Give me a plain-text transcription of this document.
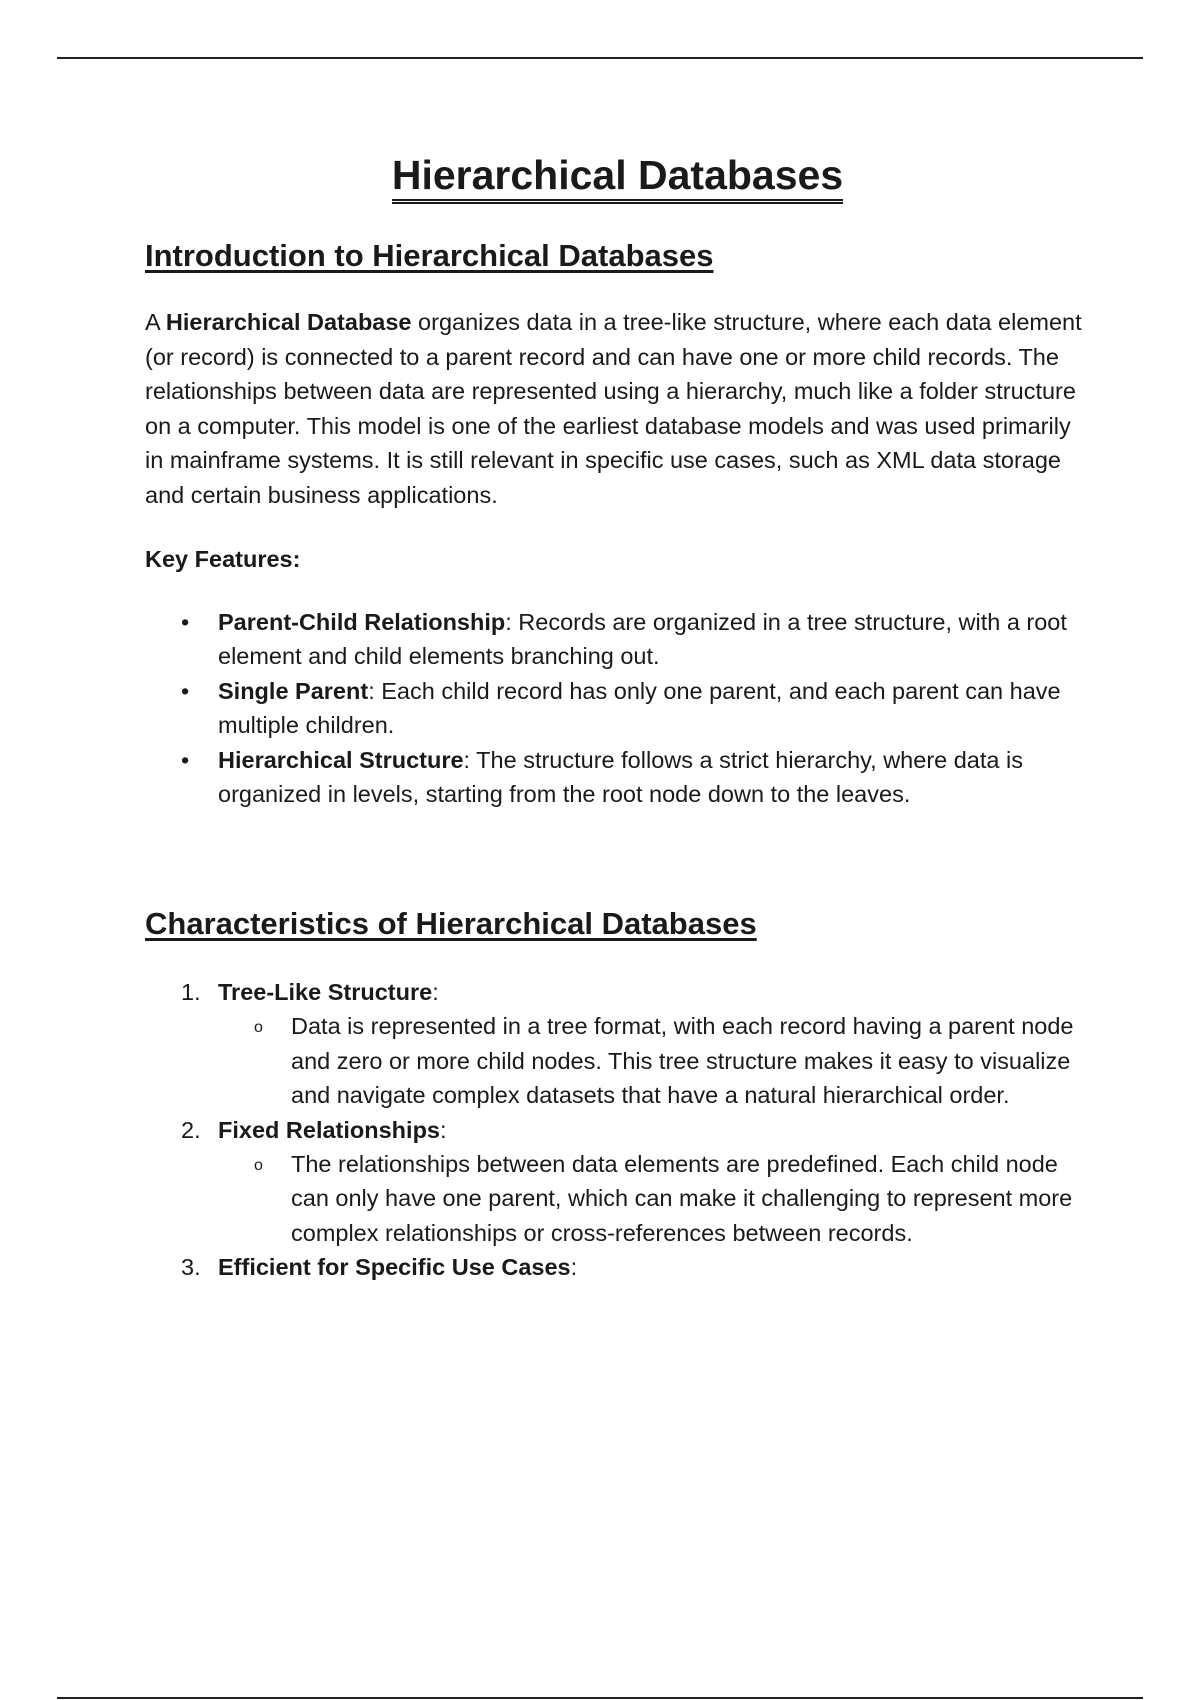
Hierarchical Databases
Introduction to Hierarchical Databases

A Hierarchical Database organizes data in a tree-like structure, where each data element (or record) is connected to a parent record and can have one or more child records. The relationships between data are represented using a hierarchy, much like a folder structure on a computer. This model is one of the earliest database models and was used primarily in mainframe systems. It is still relevant in specific use cases, such as XML data storage and certain business applications.

Key Features:

• Parent-Child Relationship: Records are organized in a tree structure, with a root element and child elements branching out.
• Single Parent: Each child record has only one parent, and each parent can have multiple children.
• Hierarchical Structure: The structure follows a strict hierarchy, where data is organized in levels, starting from the root node down to the leaves.
Characteristics of Hierarchical Databases
1. Tree-Like Structure:
o Data is represented in a tree format, with each record having a parent node and zero or more child nodes. This tree structure makes it easy to visualize and navigate complex datasets that have a natural hierarchical order.
2. Fixed Relationships:
o The relationships between data elements are predefined. Each child node can only have one parent, which can make it challenging to represent more complex relationships or cross-references between records.
3. Efficient for Specific Use Cases:
